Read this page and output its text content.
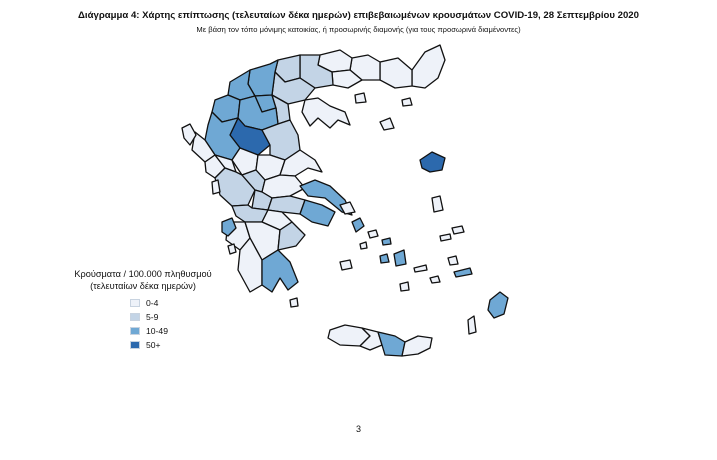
Διάγραμμα 4: Χάρτης επίπτωσης (τελευταίων δέκα ημερών) επιβεβαιωμένων κρουσμάτων COVID-19, 28 Σεπτεμβρίου 2020
Με βάση τον τόπο μόνιμης κατοικίας, ή προσωρινής διαμονής (για τους προσωρινά διαμένοντες)
Κρούσματα / 100.000 πληθυσμού
(τελευταίων δέκα ημερών)
0-4
5-9
10-49
50+
3
